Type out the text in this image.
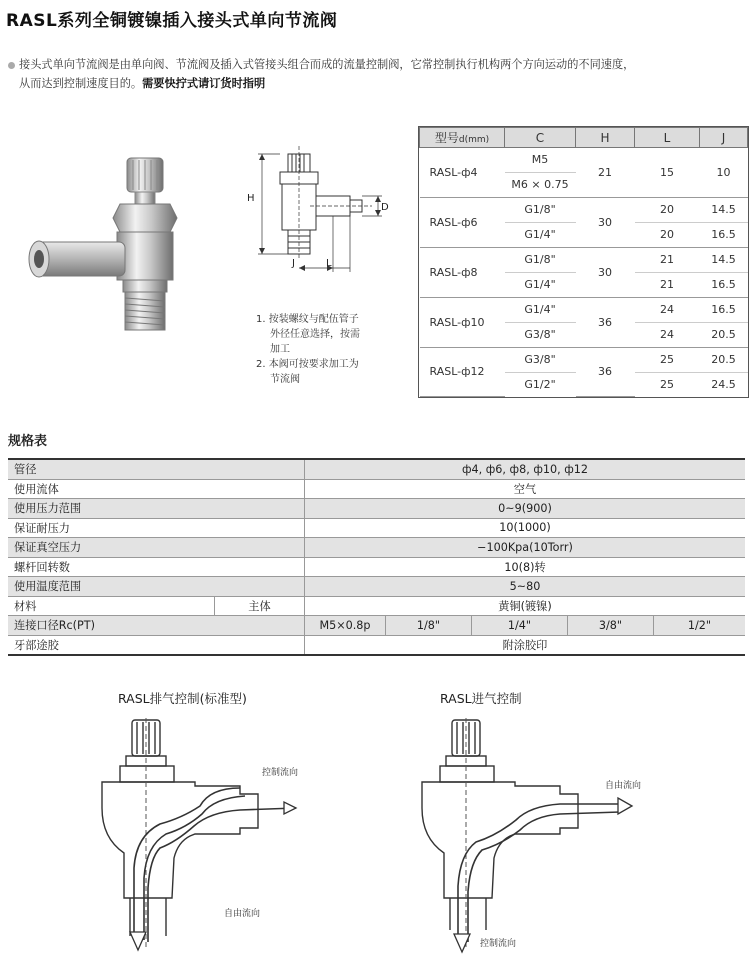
RASL系列全铜镀镍插入接头式单向节流阀
接头式单向节流阀是由单向阀、节流阀及插入式管接头组合而成的流量控制阀，它常控制执行机构两个方向运动的不同速度，
从而达到控制速度目的。需要快拧式请订货时指明
H
J	L
D
1. 按装螺纹与配伍管子
外径任意选择，按需
加工
2. 本阀可按要求加工为
节流阀
型号d(mm)	C	H	L	J
RASL-ф4	M5	21	15	10
	M6 × 0.75			
RASL-ф6	G1/8"	30	20	14.5
	G1/4"		20	16.5
RASL-ф8	G1/8"	30	21	14.5
	G1/4"		21	16.5
RASL-ф10	G1/4"	36	24	16.5
	G3/8"		24	20.5
RASL-ф12	G3/8"	36	25	20.5
	G1/2"		25	24.5
规格表
管径		ф4, ф6, ф8, ф10, ф12				
使用流体		空气				
使用压力范围		0~9(900)				
保证耐压力		10(1000)				
保证真空压力		−100Kpa(10Torr)				
螺杆回转数		10(8)转				
使用温度范围		5~80				
材料	主体	黄铜(镀镍)				
连接口径Rc(PT)		M5×0.8p	1/8"	1/4"	3/8"	1/2"
牙部途胶		附涂胶印				
RASL排气控制(标准型)	RASL进气控制
控制流向
自由流向
自由流向
控制流向
